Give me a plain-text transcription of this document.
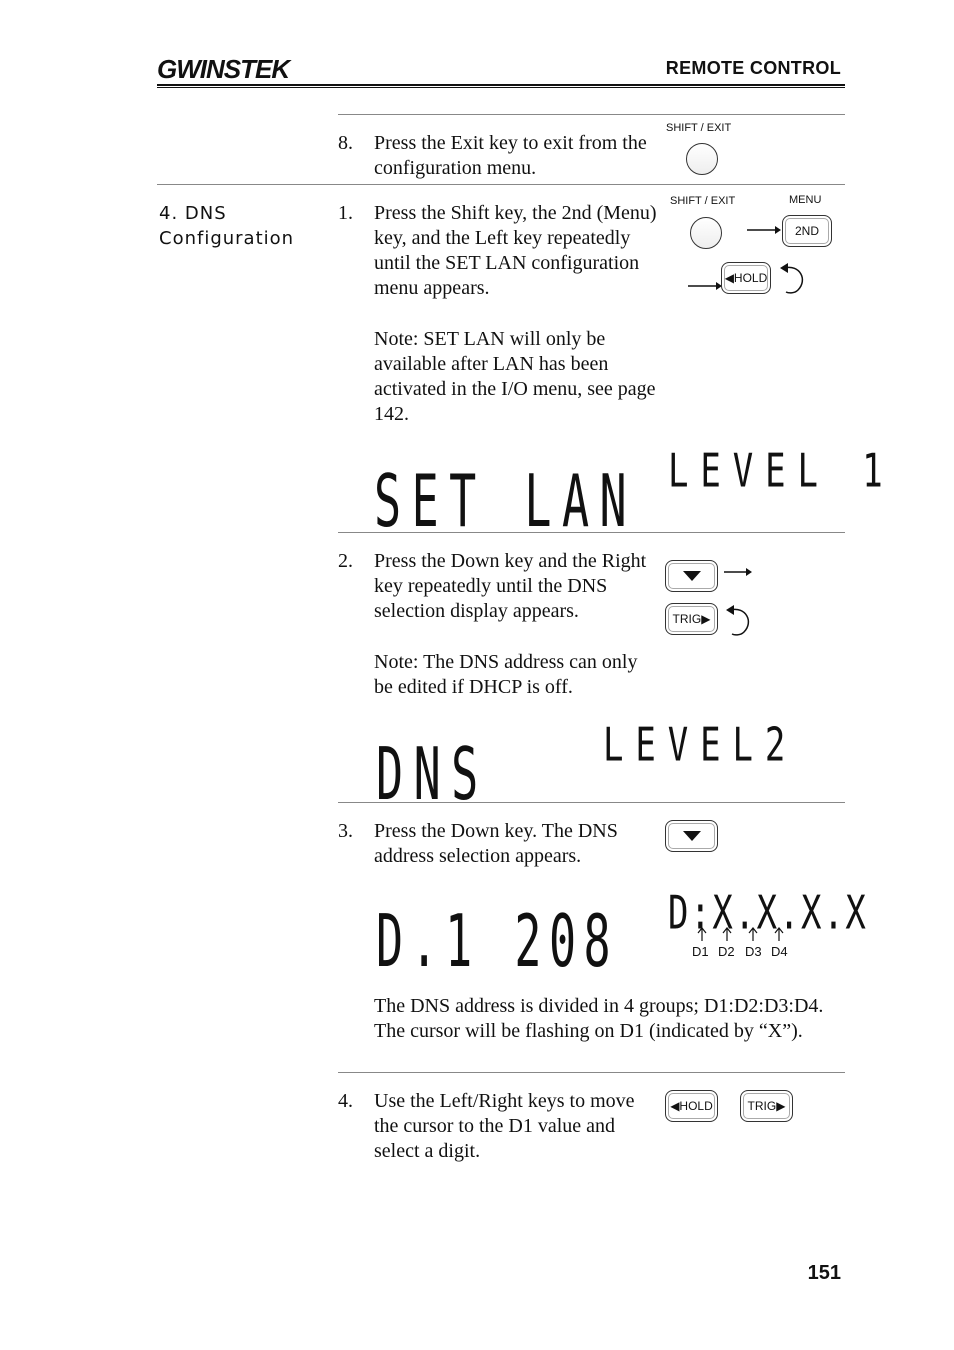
GWINSTEK	REMOTE CONTROL
8. Press the Exit key to exit from the configuration menu.
SHIFT / EXIT
4. DNS Configuration
1. Press the Shift key, the 2nd (Menu) key, and the Left key repeatedly until the SET LAN configuration menu appears.
Note: SET LAN will only be available after LAN has been activated in the I/O menu, see page 142.
SHIFT / EXIT	MENU
2ND
◀HOLD
LEVEL 1
SET LAN
2. Press the Down key and the Right key repeatedly until the DNS selection display appears.
Note: The DNS address can only be edited if DHCP is off.
TRIG▶
LEVEL2
DNS
3. Press the Down key. The DNS address selection appears.
D:X.X.X.X
D1 D2 D3 D4
D.1 208
The DNS address is divided in 4 groups; D1:D2:D3:D4. The cursor will be flashing on D1 (indicated by “X”).
4. Use the Left/Right keys to move the cursor to the D1 value and select a digit.
◀HOLD	TRIG▶
151
